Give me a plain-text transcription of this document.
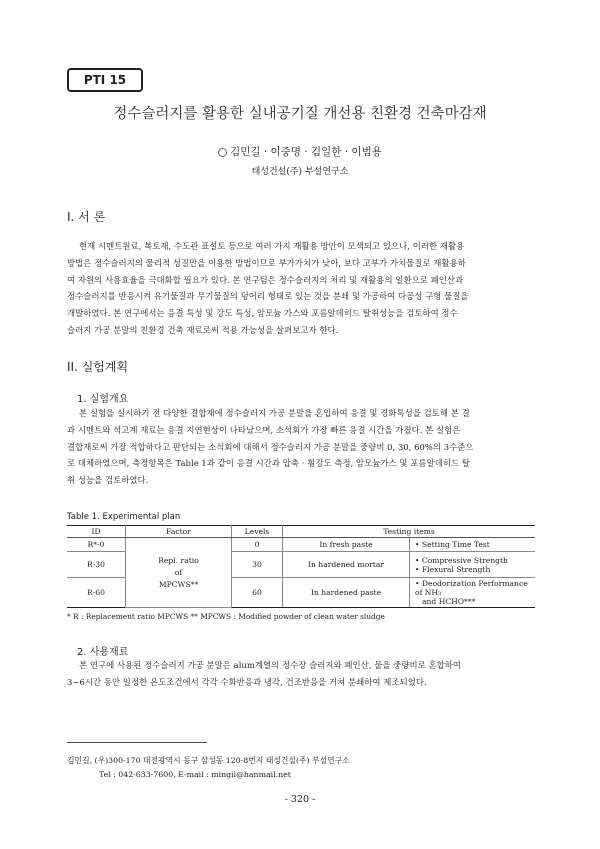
PTI 15
정수슬러지를 활용한 실내공기질 개선용 친환경 건축마감재
김민길 · 이중명 · 김일한 · 이범용
태성건설(주) 부설연구소
I. 서 론
현재 시멘트원료, 복토재, 수도관 표설토 등으로 여러 가지 재활용 방안이 모색되고 있으나, 이러한 재활용
방법은 정수슬러지의 물리적 성질만을 이용한 방법이므로 부가가치가 낮아, 보다 고부가 가치물질로 재활용하
여 자원의 사용효율을 극대화할 필요가 있다. 본 연구팀은 정수슬러지의 처리 및 재활용의 일환으로 폐인산과
정수슬러지를 반응시켜 유기물질과 무기물질의 덩어리 형태로 있는 것을 분쇄 및 가공하여 다공성 구형 물질을
개발하였다. 본 연구에서는 응결 특성 및 강도 특성, 암모늄 가스와 포름알데히드 탈취성능을 검토하여 정수
슬러지 가공 분말의 친환경 건축 재료로써 적용 가능성을 살펴보고자 한다.
II. 실험계획
1. 실험개요
본 실험을 실시하기 전 다양한 결합재에 정수슬러지 가공 분말을 혼입하여 응결 및 경화특성을 검토해 본 결
과 시멘트와 석고계 재료는 응결 지연현상이 나타났으며, 소석회가 가장 빠른 응결 시간을 가졌다. 본 실험은
결합재로써 가장 적합하다고 판단되는 소석회에 대해서 정수슬러지 가공 분말을 중량비 0, 30, 60%의 3수준으
로 대체하였으며, 측정항목은 Table 1과 같이 응결 시간과 압축 · 휨강도 측정, 암모늄가스 및 포름알데히드 탈
취 성능을 검토하였다.
Table 1. Experimental plan
ID	Factor	Levels	Testing items	
R*-0	Repl. ratio
of
MPCWS**	0	In fresh paste	• Setting Time Test

R-30		30	In hardened mortar	• Compressive Strength
• Flexural Strength

R-60		60	In hardened paste	• Deodorization Performance of NH₃
and HCHO***
* R : Replacement ratio MPCWS ** MPCWS : Modified powder of clean water sludge
2. 사용재료
본 연구에 사용된 정수슬러지 가공 분말은 alum계열의 정수장 슬러지와 폐인산, 물을 중량비로 혼합하여
3~6시간 동안 일정한 온도조건에서 각각 수화반응과 냉각, 건조반응을 거쳐 분쇄하여 제조되었다.
김민길, (우)300-170 대전광역시 동구 삼성동 120-8번지 태성건설(주) 부설연구소
Tel : 042-633-7600, E-mail : mingil@hanmail.net
- 320 -
